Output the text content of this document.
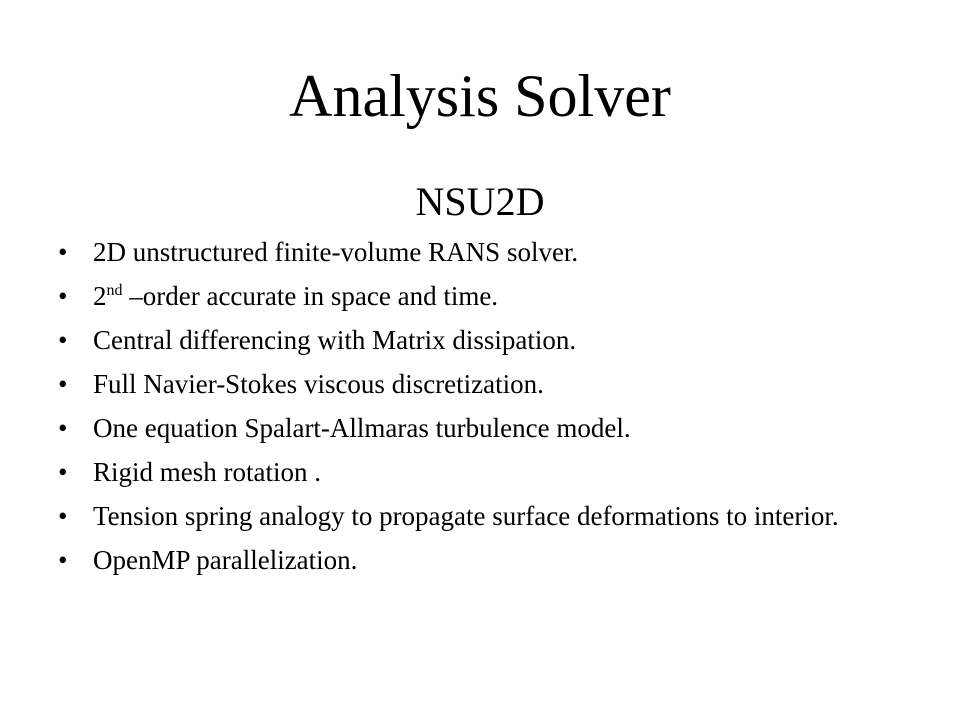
Analysis Solver
NSU2D
• 2D unstructured finite-volume RANS solver.
• 2nd –order accurate in space and time.
• Central differencing with Matrix dissipation.
• Full Navier-Stokes viscous discretization.
• One equation Spalart-Allmaras turbulence model.
• Rigid mesh rotation .
• Tension spring analogy to propagate surface deformations to interior.
• OpenMP parallelization.
